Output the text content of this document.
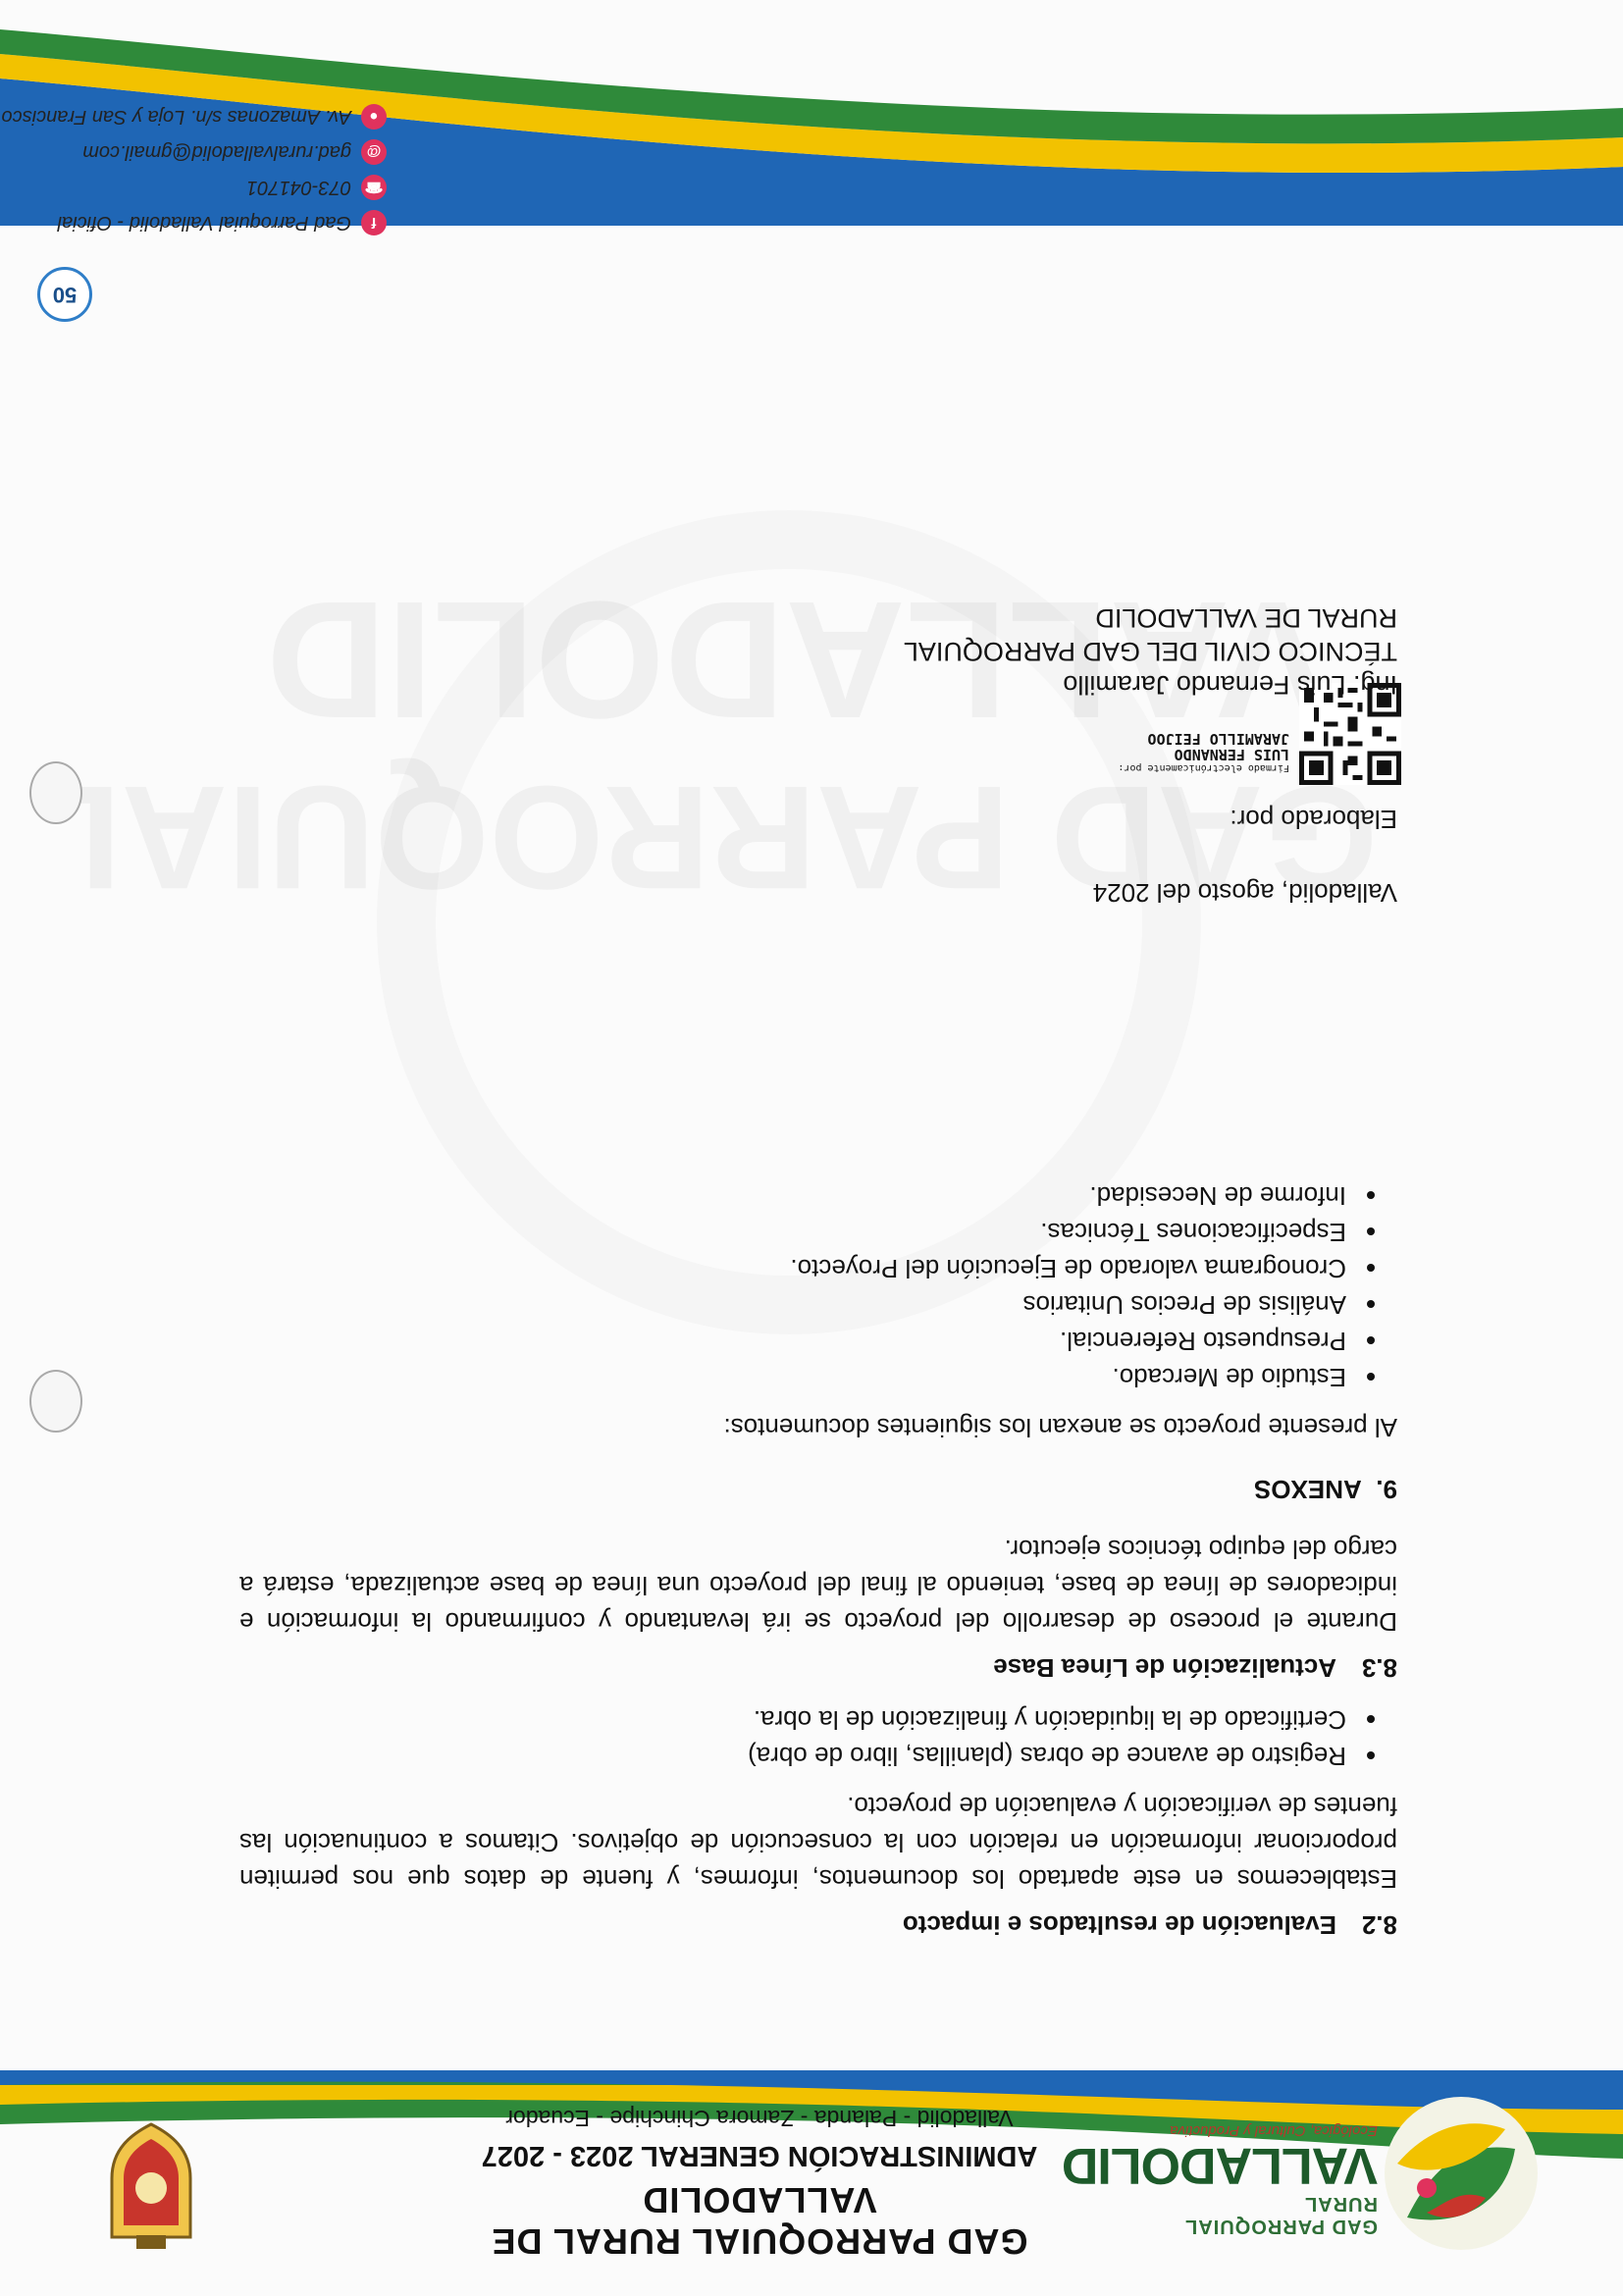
GAD PARROQUIAL RURAL
VALLADOLID
Ecológica, Cultural y Productiva
GAD PARROQUIAL RURAL DE VALLADOLID
ADMINISTRACIÓN GENERAL 2023 - 2027
Valladolid - Palanda - Zamora Chinchipe - Ecuador

8.2Evaluación de resultados e impacto

Establecemos en este apartado los documentos, informes, y fuente de datos que nos permiten proporcionar información en relación con la consecución de objetivos. Citamos a continuación las fuentes de verificación y evaluación de proyecto.

• Registro de avance de obras (planillas, libro de obra)
• Certificado de la liquidación y finalización de la obra.

8.3Actualización de Línea Base

Durante el proceso de desarrollo del proyecto se irá levantando y confirmando la información e indicadores de línea de base, teniendo al final del proyecto una línea de base actualizada, estará a cargo del equipo técnicos ejecutor.

9. ANEXOS

Al presente proyecto se anexan los siguientes documentos:

• Estudio de Mercado.
• Presupuesto Referencial.
• Análisis de Precios Unitarios
• Cronograma valorado de Ejecución del Proyecto.
• Especificaciones Técnicas.
• Informe de Necesidad.
Valladolid, agosto del 2024
Elaborado por:
Firmado electrónicamente por:
LUIS FERNANDO
JARAMILLO FEIJOO
Ing. Luis Fernando Jaramillo
TÉCNICO CIVIL DEL GAD PARROQUIAL
RURAL DE VALLADOLID
50
f
Gad Parroquial Valladolid - Oficial
☎
073-041701
@
gad.ruralvalladolid@gmail.com
●
Av. Amazonas s/n. Loja y San Francisco
